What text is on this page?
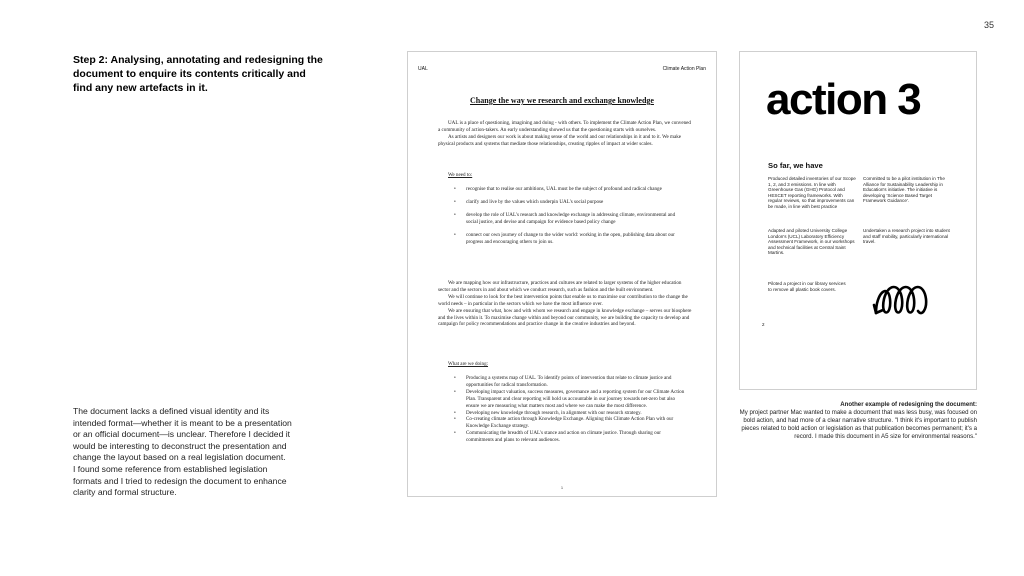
35
Step 2: Analysing, annotating and redesigning the document to enquire its contents critically and find any new artefacts in it.
The document lacks a defined visual identity and its
intended format—whether it is meant to be a presentation
or an official document—is unclear. Therefore I decided it
would be interesting to deconstruct the presentation and
change the layout based on a real legislation document.
I found some reference from established legislation
formats and I tried to redesign the document to enhance
clarity and formal structure.
UAL	Climate Action Plan
Change the way we research and exchange knowledge

UAL is a place of questioning, imagining and doing - with others. To implement the Climate Action Plan, we convened a community of action-takers. An early understanding showed us that the questioning starts with ourselves.

As artists and designers our work is about making sense of the world and our relationships in it and to it. We make physical products and systems that mediate those relationships, creating ripples of impact at wider scales.

We need to:
• recognise that to realise our ambitions, UAL must be the subject of profound and radical change
• clarify and live by the values which underpin UAL's social purpose
• develop the role of UAL's research and knowledge exchange in addressing climate, environmental and social justice, and devise and campaign for evidence based policy change
• connect our own journey of change to the wider world: working in the open, publishing data about our progress and encouraging others to join us.

We are mapping how our infrastructure, practices and cultures are related to larger systems of the higher education sector and the sectors in and about which we conduct research, such as fashion and the built environment.

We will continue to look for the best intervention points that enable us to maximise our contribution to the change the world needs – in particular in the sectors which we have the most influence over.

We are ensuring that what, how and with whom we research and engage in knowledge exchange – serves our biosphere and the lives within it. To maximise change within and beyond our community, we are building the capacity to develop and campaign for policy recommendations and practice change in the creative industries and beyond.

What are we doing:
• Producing a systems map of UAL. To identify points of intervention that relate to climate justice and opportunities for radical transformation.
• Developing impact valuation, success measures, governance and a reporting system for our Climate Action Plan. Transparent and clear reporting will hold us accountable in our journey towards net-zero but also ensure we are measuring what matters most and where we can make the most difference.
• Developing new knowledge through research, in alignment with our research strategy.
• Co-creating climate action through Knowledge Exchange. Aligning this Climate Action Plan with our Knowledge Exchange strategy.
• Communicating the breadth of UAL's stance and action on climate justice. Through sharing our commitments and plans to relevant audiences.
1
action 3
So far, we have
Produced detailed inventories of our Scope 1, 2, and 3 emissions. In line with Greenhouse Gas (GHG) Protocol and HESCET reporting frameworks. With regular reviews, so that improvements can be made, in line with best practice
Committed to be a pilot institution in The Alliance for Sustainability Leadership in Education's initiative. The initiative is developing 'Science Based Target Framework Guidance'.
Adapted and piloted University College London's (UCL) Laboratory Efficiency Assessment Framework, in our workshops and technical facilities at Central Saint Martins.
Undertaken a research project into student and staff mobility, particularly international travel.
Piloted a project in our library services to remove all plastic book covers.
2
Another example of redesigning the document:
My project partner Mac wanted to make a document that was less busy, was focused on bold action, and had more of a clear narrative structure. "I think it's important to publish pieces related to bold action or legislation as that publication becomes permanent; it's a record. I made this document in A5 size for environmental reasons."
